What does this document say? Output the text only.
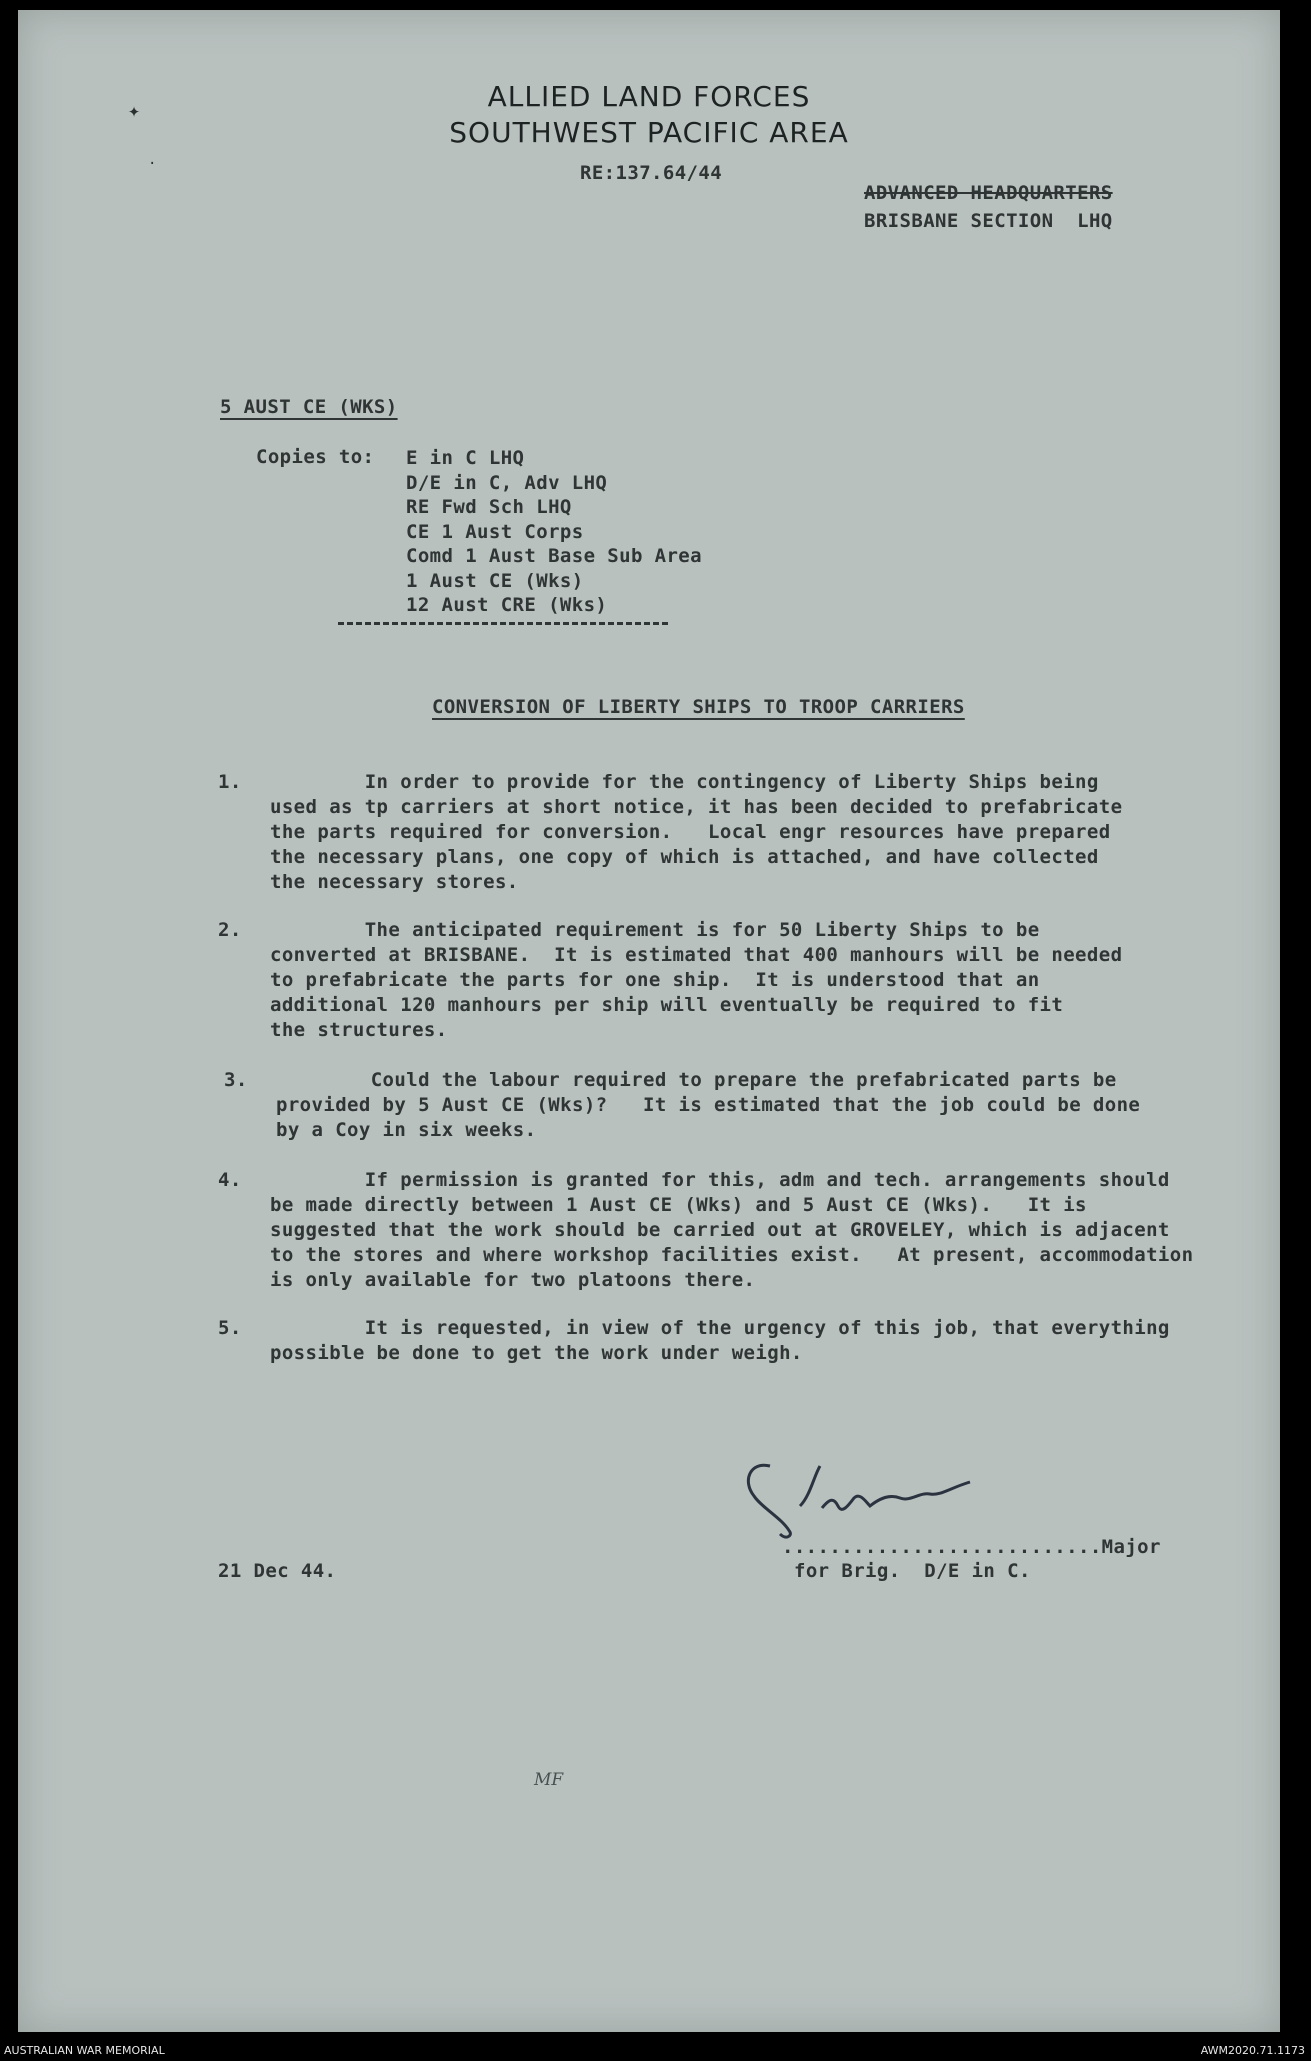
ALLIED LAND FORCES
SOUTHWEST PACIFIC AREA
RE:137.64/44
ADVANCED HEADQUARTERS
BRISBANE SECTION  LHQ
5 AUST CE (WKS)
Copies to: E in C LHQ
D/E in C, Adv LHQ
RE Fwd Sch LHQ
CE 1 Aust Corps
Comd 1 Aust Base Sub Area
1 Aust CE (Wks)
12 Aust CRE (Wks)
CONVERSION OF LIBERTY SHIPS TO TROOP CARRIERS
1.	In order to provide for the contingency of Liberty Ships being
used as tp carriers at short notice, it has been decided to prefabricate
the parts required for conversion.   Local engr resources have prepared
the necessary plans, one copy of which is attached, and have collected
the necessary stores.
2.	The anticipated requirement is for 50 Liberty Ships to be
converted at BRISBANE.  It is estimated that 400 manhours will be needed
to prefabricate the parts for one ship.  It is understood that an
additional 120 manhours per ship will eventually be required to fit
the structures.
3.	Could the labour required to prepare the prefabricated parts be
provided by 5 Aust CE (Wks)?   It is estimated that the job could be done
by a Coy in six weeks.
4.	If permission is granted for this, adm and tech. arrangements should
be made directly between 1 Aust CE (Wks) and 5 Aust CE (Wks).   It is
suggested that the work should be carried out at GROVELEY, which is adjacent
to the stores and where workshop facilities exist.   At present, accommodation
is only available for two platoons there.
5.	It is requested, in view of the urgency of this job, that everything
possible be done to get the work under weigh.
...........................Major
21 Dec 44.	for Brig.  D/E in C.
MF
✦
·
AUSTRALIAN WAR MEMORIAL	AWM2020.71.1173
